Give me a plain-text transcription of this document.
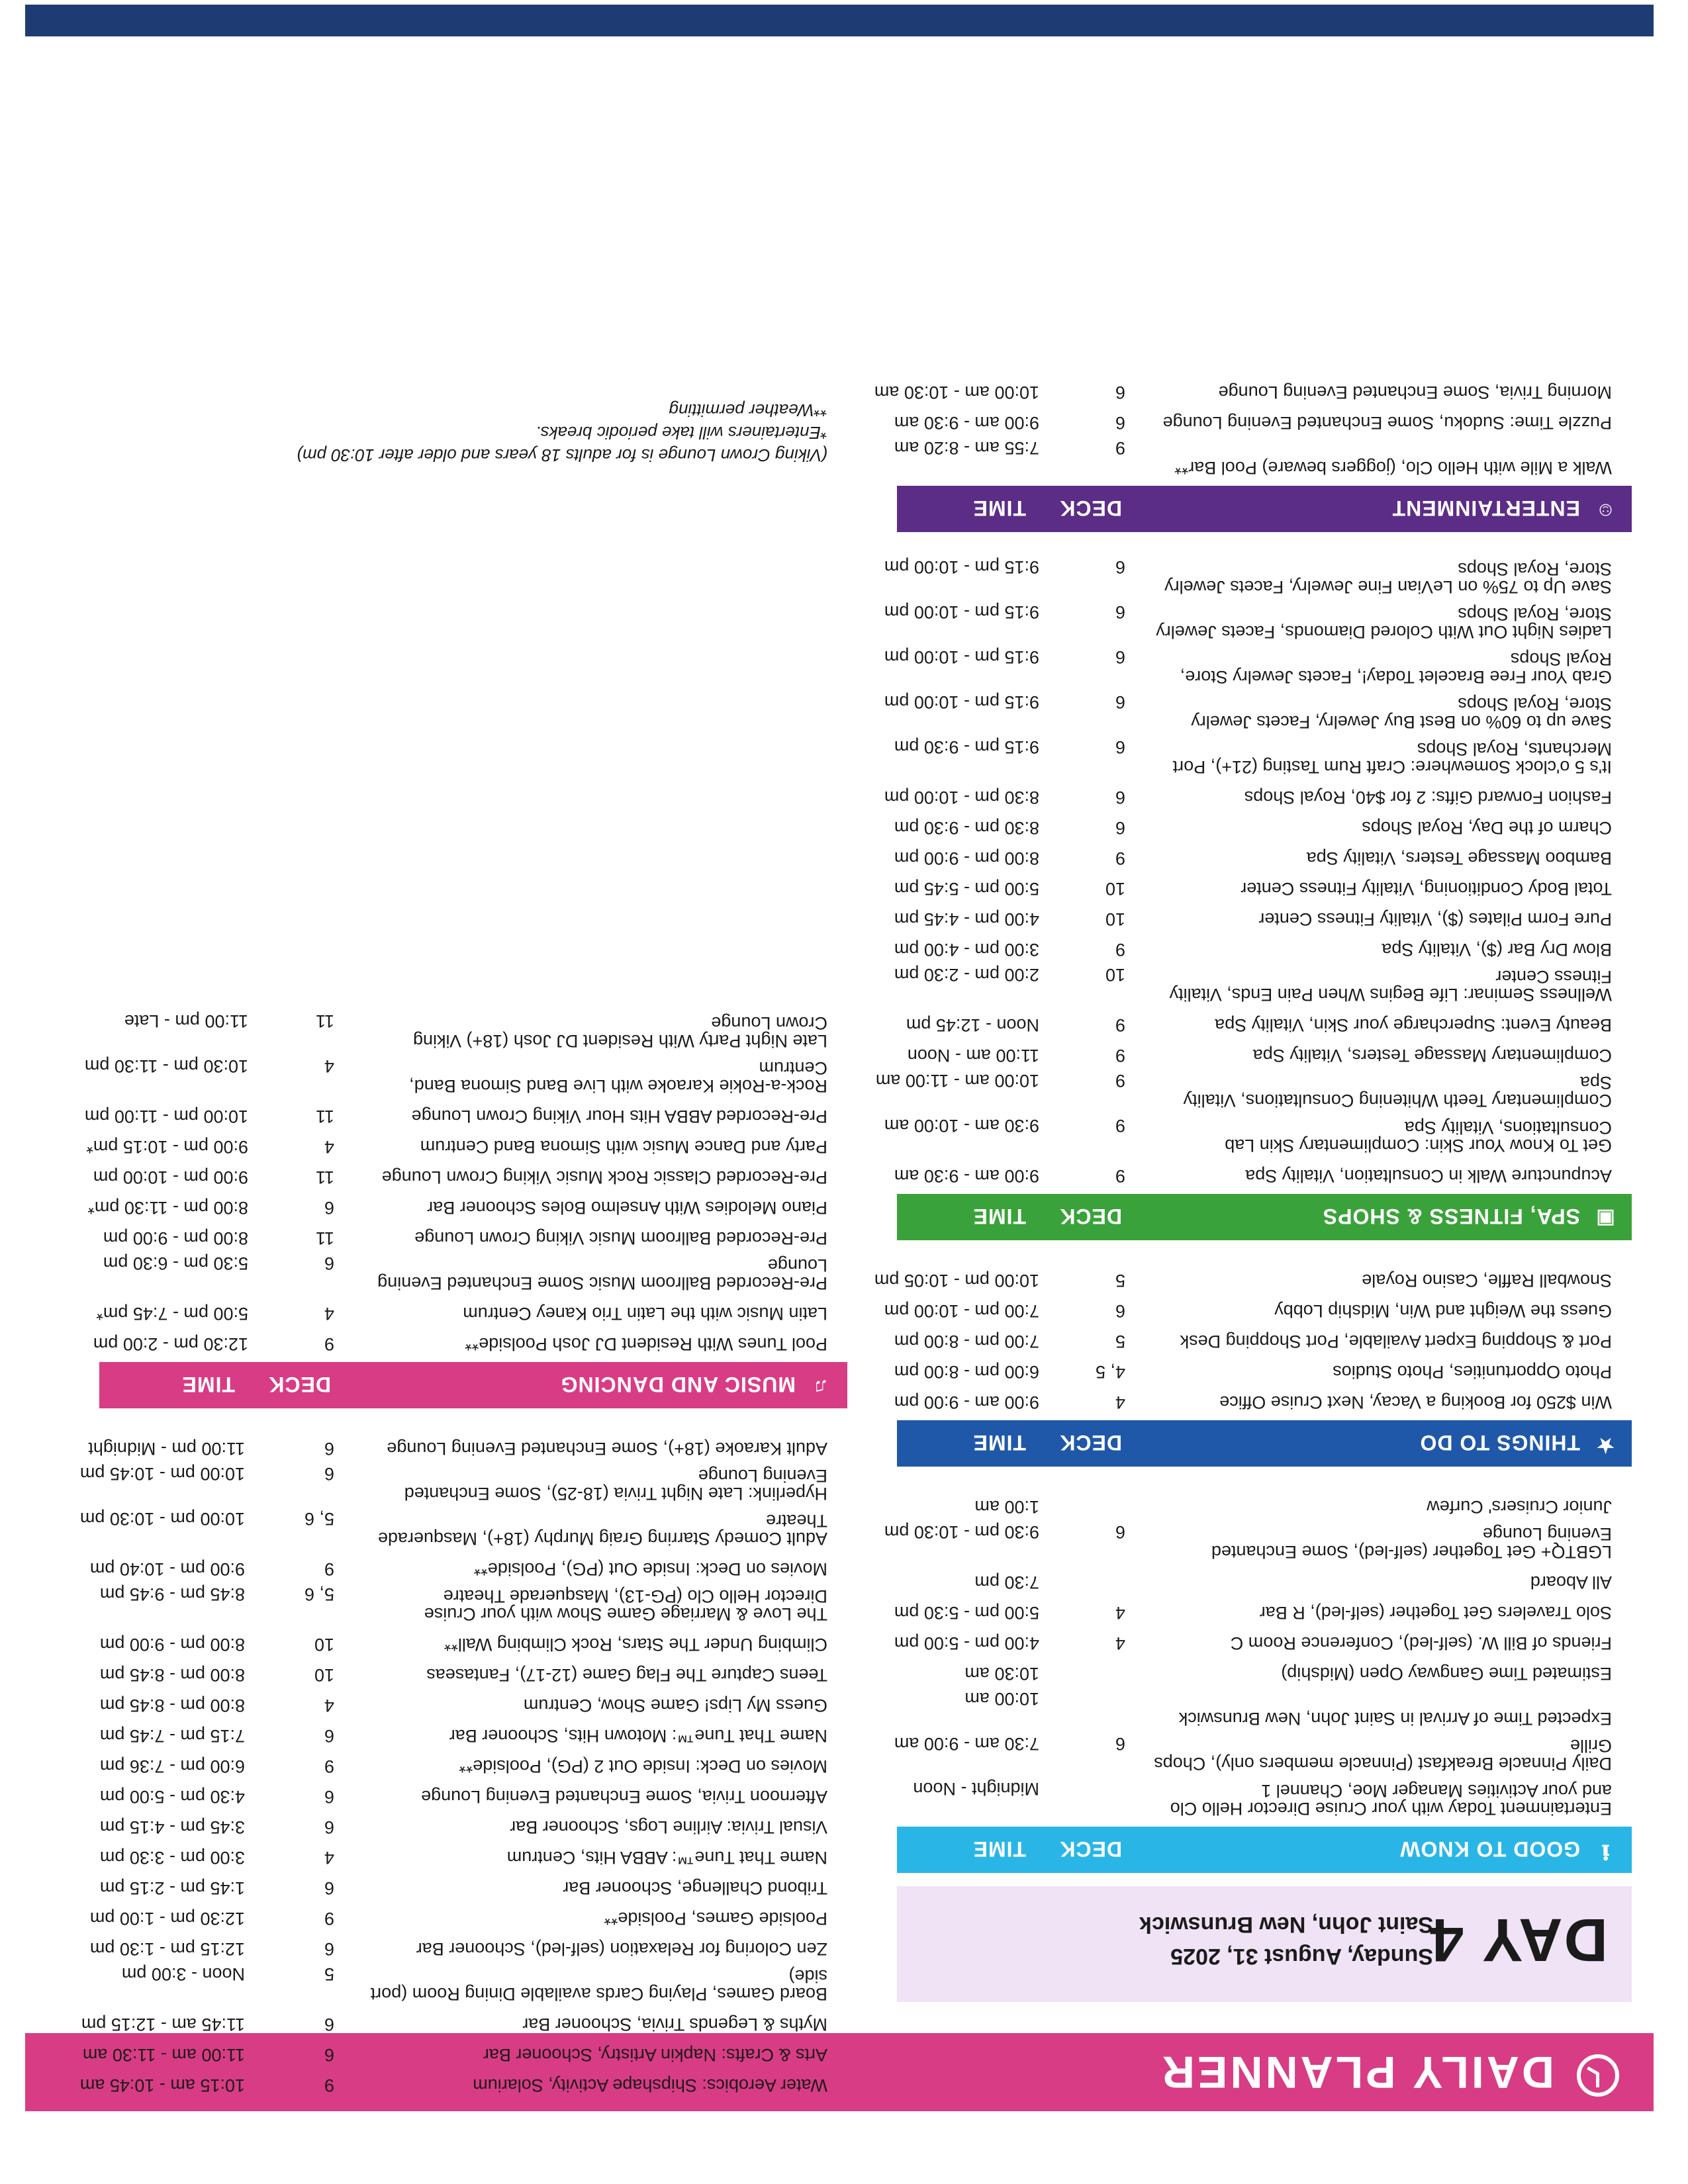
DAILY PLANNER
DAY 4
Sunday, August 31, 2025
Saint John, New Brunswick
ℹ
GOOD TO KNOW
DECK
TIME
Entertainment Today with your Cruise Director Hello Clo and your Activities Manager Moe, Channel 1
Midnight - Noon
Daily Pinnacle Breakfast (Pinnacle members only), Chops Grille
6
7:30 am - 9:00 am
Expected Time of Arrival in Saint John, New Brunswick
10:00 am
Estimated Time Gangway Open (Midship)
10:30 am
Friends of Bill W. (self-led), Conference Room C
4
4:00 pm - 5:00 pm
Solo Travelers Get Together (self-led), R Bar
4
5:00 pm - 5:30 pm
All Aboard
7:30 pm
LGBTQ+ Get Together (self-led), Some Enchanted Evening Lounge
6
9:30 pm - 10:30 pm
Junior Cruisers' Curfew
1:00 am
★
THINGS TO DO
DECK
TIME
Win $250 for Booking a Vacay, Next Cruise Office
4
9:00 am - 9:00 pm
Photo Opportunities, Photo Studios
4, 5
6:00 pm - 8:00 pm
Port & Shopping Expert Available, Port Shopping Desk
5
7:00 pm - 8:00 pm
Guess the Weight and Win, Midship Lobby
6
7:00 pm - 10:00 pm
Snowball Raffle, Casino Royale
5
10:00 pm - 10:05 pm
▣
SPA, FITNESS & SHOPS
DECK
TIME
Acupuncture Walk in Consultation, Vitality Spa
9
9:00 am - 9:30 am
Get To Know Your Skin: Complimentary Skin Lab Consultations, Vitality Spa
9
9:30 am - 10:00 am
Complimentary Teeth Whitening Consultations, Vitality Spa
9
10:00 am - 11:00 am
Complimentary Massage Testers, Vitality Spa
9
11:00 am - Noon
Beauty Event: Supercharge your Skin, Vitality Spa
9
Noon - 12:45 pm
Wellness Seminar: Life Begins When Pain Ends, Vitality Fitness Center
10
2:00 pm - 2:30 pm
Blow Dry Bar ($), Vitality Spa
9
3:00 pm - 4:00 pm
Pure Form Pilates ($), Vitality Fitness Center
10
4:00 pm - 4:45 pm
Total Body Conditioning, Vitality Fitness Center
10
5:00 pm - 5:45 pm
Bamboo Massage Testers, Vitality Spa
9
8:00 pm - 9:00 pm
Charm of the Day, Royal Shops
6
8:30 pm - 9:30 pm
Fashion Forward Gifts: 2 for $40, Royal Shops
6
8:30 pm - 10:00 pm
It's 5 o'clock Somewhere: Craft Rum Tasting (21+), Port Merchants, Royal Shops
6
9:15 pm - 9:30 pm
Save up to 60% on Best Buy Jewelry, Facets Jewelry Store, Royal Shops
6
9:15 pm - 10:00 pm
Grab Your Free Bracelet Today!, Facets Jewelry Store, Royal Shops
6
9:15 pm - 10:00 pm
Ladies Night Out With Colored Diamonds, Facets Jewelry Store, Royal Shops
6
9:15 pm - 10:00 pm
Save Up to 75% on LeVian Fine Jewelry, Facets Jewelry Store, Royal Shops
6
9:15 pm - 10:00 pm
☺
ENTERTAINMENT
DECK
TIME
Walk a Mile with Hello Clo, (joggers beware) Pool Bar**
9
7:55 am - 8:20 am
Puzzle Time: Sudoku, Some Enchanted Evening Lounge
6
9:00 am - 9:30 am
Morning Trivia, Some Enchanted Evening Lounge
6
10:00 am - 10:30 am
Water Aerobics: Shipshape Activity, Solarium
9
10:15 am - 10:45 am
Arts & Crafts: Napkin Artistry, Schooner Bar
6
11:00 am - 11:30 am
Myths & Legends Trivia, Schooner Bar
6
11:45 am - 12:15 pm
Board Games, Playing Cards available Dining Room (port side)
5
Noon - 3:00 pm
Zen Coloring for Relaxation (self-led), Schooner Bar
6
12:15 pm - 1:30 pm
Poolside Games, Poolside**
9
12:30 pm - 1:00 pm
Tribond Challenge, Schooner Bar
6
1:45 pm - 2:15 pm
Name That Tune™: ABBA Hits, Centrum
4
3:00 pm - 3:30 pm
Visual Trivia: Airline Logs, Schooner Bar
6
3:45 pm - 4:15 pm
Afternoon Trivia, Some Enchanted Evening Lounge
6
4:30 pm - 5:00 pm
Movies on Deck: Inside Out 2 (PG), Poolside**
9
6:00 pm - 7:36 pm
Name That Tune™: Motown Hits, Schooner Bar
6
7:15 pm - 7:45 pm
Guess My Lips! Game Show, Centrum
4
8:00 pm - 8:45 pm
Teens Capture The Flag Game (12-17), Fantaseas
10
8:00 pm - 8:45 pm
Climbing Under The Stars, Rock Climbing Wall**
10
8:00 pm - 9:00 pm
The Love & Marriage Game Show with your Cruise Director Hello Clo (PG-13), Masquerade Theatre
5, 6
8:45 pm - 9:45 pm
Movies on Deck: Inside Out (PG), Poolside**
9
9:00 pm - 10:40 pm
Adult Comedy Starring Graig Murphy (18+), Masquerade Theatre
5, 6
10:00 pm - 10:30 pm
Hyperlink: Late Night Trivia (18-25), Some Enchanted Evening Lounge
6
10:00 pm - 10:45 pm
Adult Karaoke (18+), Some Enchanted Evening Lounge
6
11:00 pm - Midnight
♫
MUSIC AND DANCING
DECK
TIME
Pool Tunes With Resident DJ Josh Poolside**
9
12:30 pm - 2:00 pm
Latin Music with the Latin Trio Kaney Centrum
4
5:00 pm - 7:45 pm*
Pre-Recorded Ballroom Music Some Enchanted Evening Lounge
6
5:30 pm - 6:30 pm
Pre-Recorded Ballroom Music Viking Crown Lounge
11
8:00 pm - 9:00 pm
Piano Melodies With Anselmo Boles Schooner Bar
6
8:00 pm - 11:30 pm*
Pre-Recorded Classic Rock Music Viking Crown Lounge
11
9:00 pm - 10:00 pm
Party and Dance Music with Simona Band Centrum
4
9:00 pm - 10:15 pm*
Pre-Recorded ABBA Hits Hour Viking Crown Lounge
11
10:00 pm - 11:00 pm
Rock-a-Rokie Karaoke with Live Band Simona Band, Centrum
4
10:30 pm - 11:30 pm
Late Night Party With Resident DJ Josh (18+) Viking Crown Lounge
11
11:00 pm - Late
(Viking Crown Lounge is for adults 18 years and older after 10:30 pm)
*Entertainers will take periodic breaks.
**Weather permitting
